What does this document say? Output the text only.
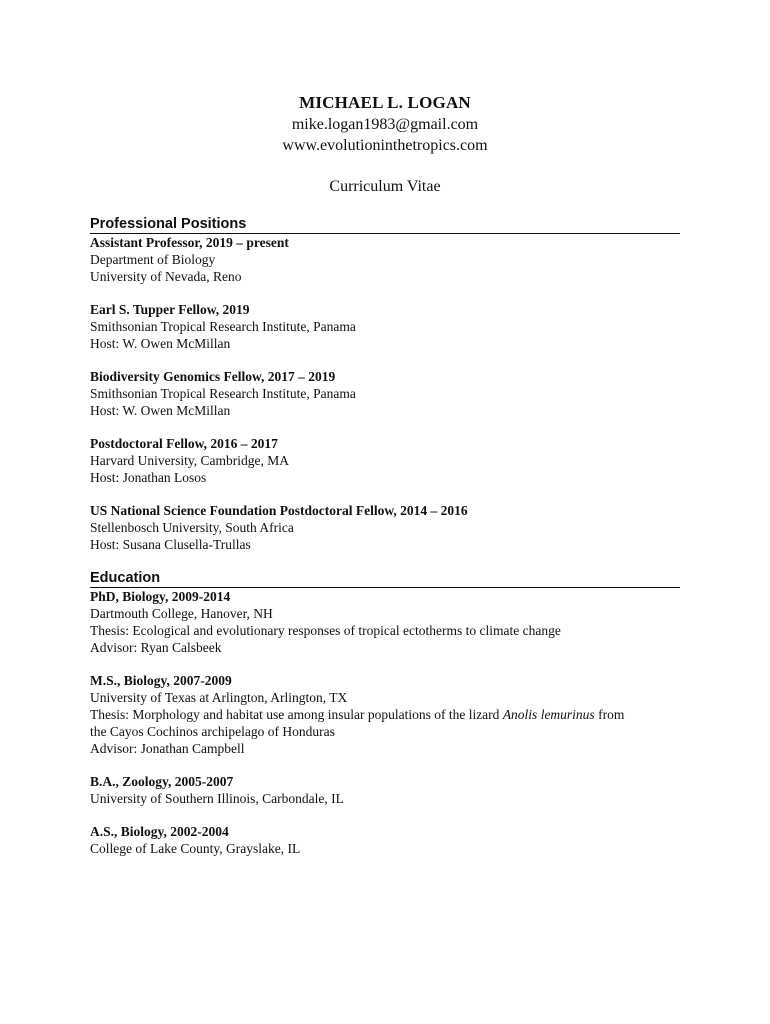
MICHAEL L. LOGAN
mike.logan1983@gmail.com
www.evolutioninthetropics.com
Curriculum Vitae
Professional Positions
Assistant Professor, 2019 – present
Department of Biology
University of Nevada, Reno
Earl S. Tupper Fellow, 2019
Smithsonian Tropical Research Institute, Panama
Host: W. Owen McMillan
Biodiversity Genomics Fellow, 2017 – 2019
Smithsonian Tropical Research Institute, Panama
Host: W. Owen McMillan
Postdoctoral Fellow, 2016 – 2017
Harvard University, Cambridge, MA
Host: Jonathan Losos
US National Science Foundation Postdoctoral Fellow, 2014 – 2016
Stellenbosch University, South Africa
Host: Susana Clusella-Trullas
Education
PhD, Biology, 2009-2014
Dartmouth College, Hanover, NH
Thesis: Ecological and evolutionary responses of tropical ectotherms to climate change
Advisor: Ryan Calsbeek
M.S., Biology, 2007-2009
University of Texas at Arlington, Arlington, TX
Thesis: Morphology and habitat use among insular populations of the lizard Anolis lemurinus from
the Cayos Cochinos archipelago of Honduras
Advisor: Jonathan Campbell
B.A., Zoology, 2005-2007
University of Southern Illinois, Carbondale, IL
A.S., Biology, 2002-2004
College of Lake County, Grayslake, IL
